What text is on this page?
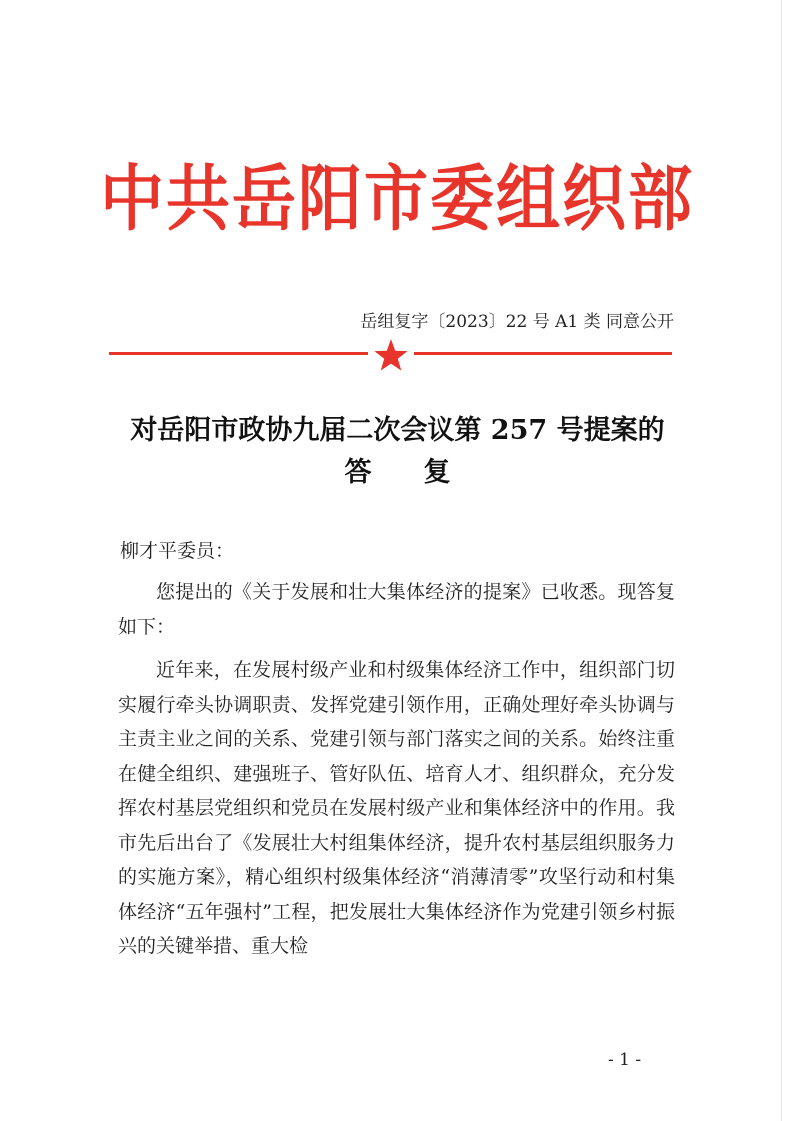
中共岳阳市委组织部
岳组复字〔2023〕22 号 A1 类 同意公开
对岳阳市政协九届二次会议第 257 号提案的
答复
柳才平委员：
您提出的《关于发展和壮大集体经济的提案》已收悉。现答复如下：
近年来，在发展村级产业和村级集体经济工作中，组织部门切实履行牵头协调职责、发挥党建引领作用，正确处理好牵头协调与主责主业之间的关系、党建引领与部门落实之间的关系。始终注重在健全组织、建强班子、管好队伍、培育人才、组织群众，充分发挥农村基层党组织和党员在发展村级产业和集体经济中的作用。我市先后出台了《发展壮大村组集体经济，提升农村基层组织服务力的实施方案》，精心组织村级集体经济“消薄清零”攻坚行动和村集体经济“五年强村”工程，把发展壮大集体经济作为党建引领乡村振兴的关键举措、重大检
- 1 -
